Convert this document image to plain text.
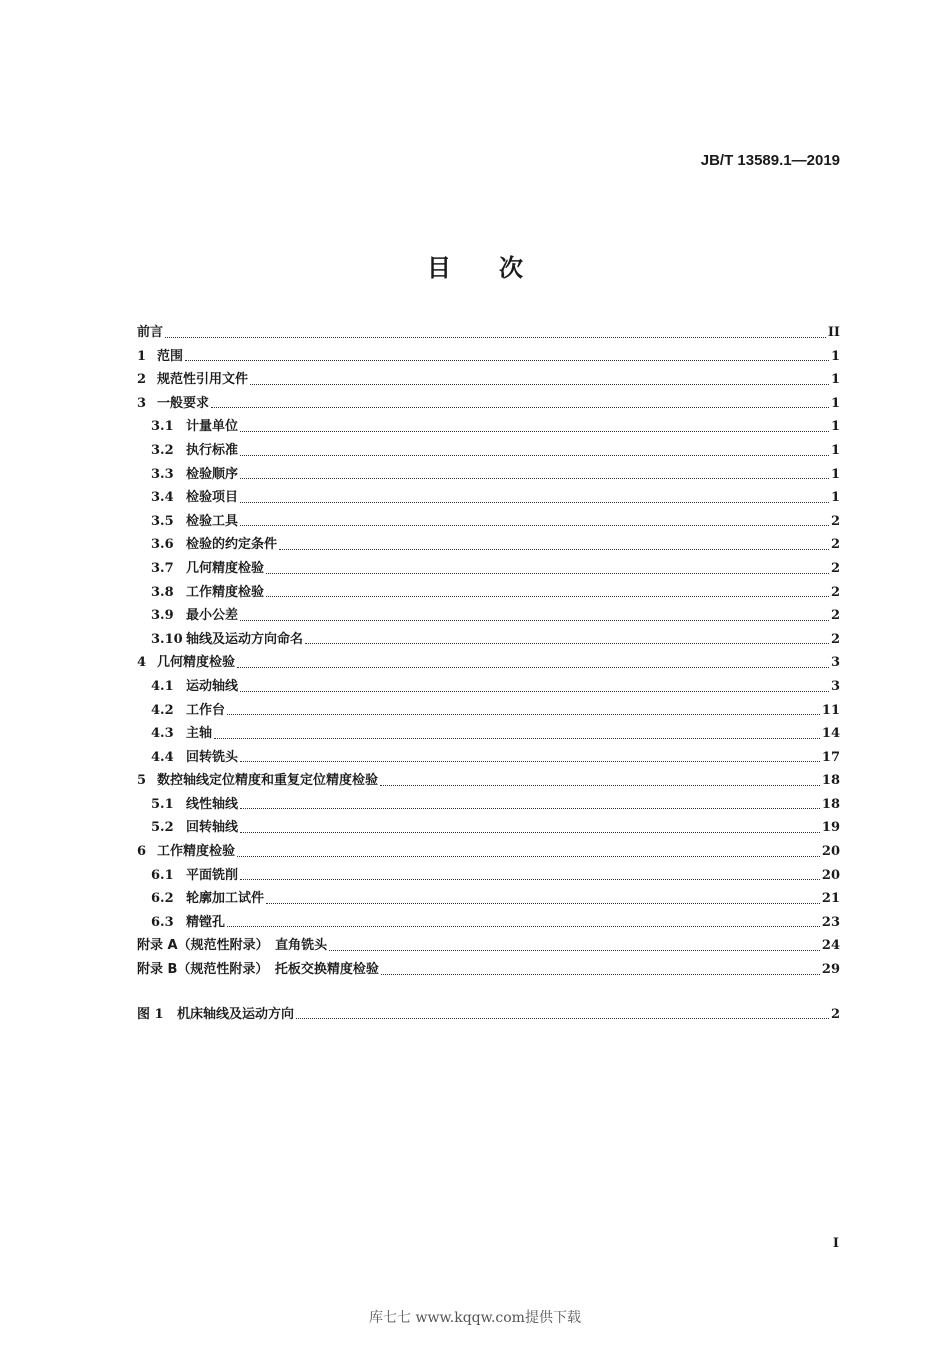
JB/T 13589.1—2019
目次
前言	II
1 范围	1
2 规范性引用文件	1
3 一般要求	1
3.1 计量单位	1
3.2 执行标准	1
3.3 检验顺序	1
3.4 检验项目	1
3.5 检验工具	2
3.6 检验的约定条件	2
3.7 几何精度检验	2
3.8 工作精度检验	2
3.9 最小公差	2
3.10 轴线及运动方向命名	2
4 几何精度检验	3
4.1 运动轴线	3
4.2 工作台	11
4.3 主轴	14
4.4 回转铣头	17
5 数控轴线定位精度和重复定位精度检验	18
5.1 线性轴线	18
5.2 回转轴线	19
6 工作精度检验	20
6.1 平面铣削	20
6.2 轮廓加工试件	21
6.3 精镗孔	23
附录 A（规范性附录）　直角铣头	24
附录 B（规范性附录）　托板交换精度检验	29
图 1	机床轴线及运动方向	2
I
库七七 www.kqqw.com提供下载
